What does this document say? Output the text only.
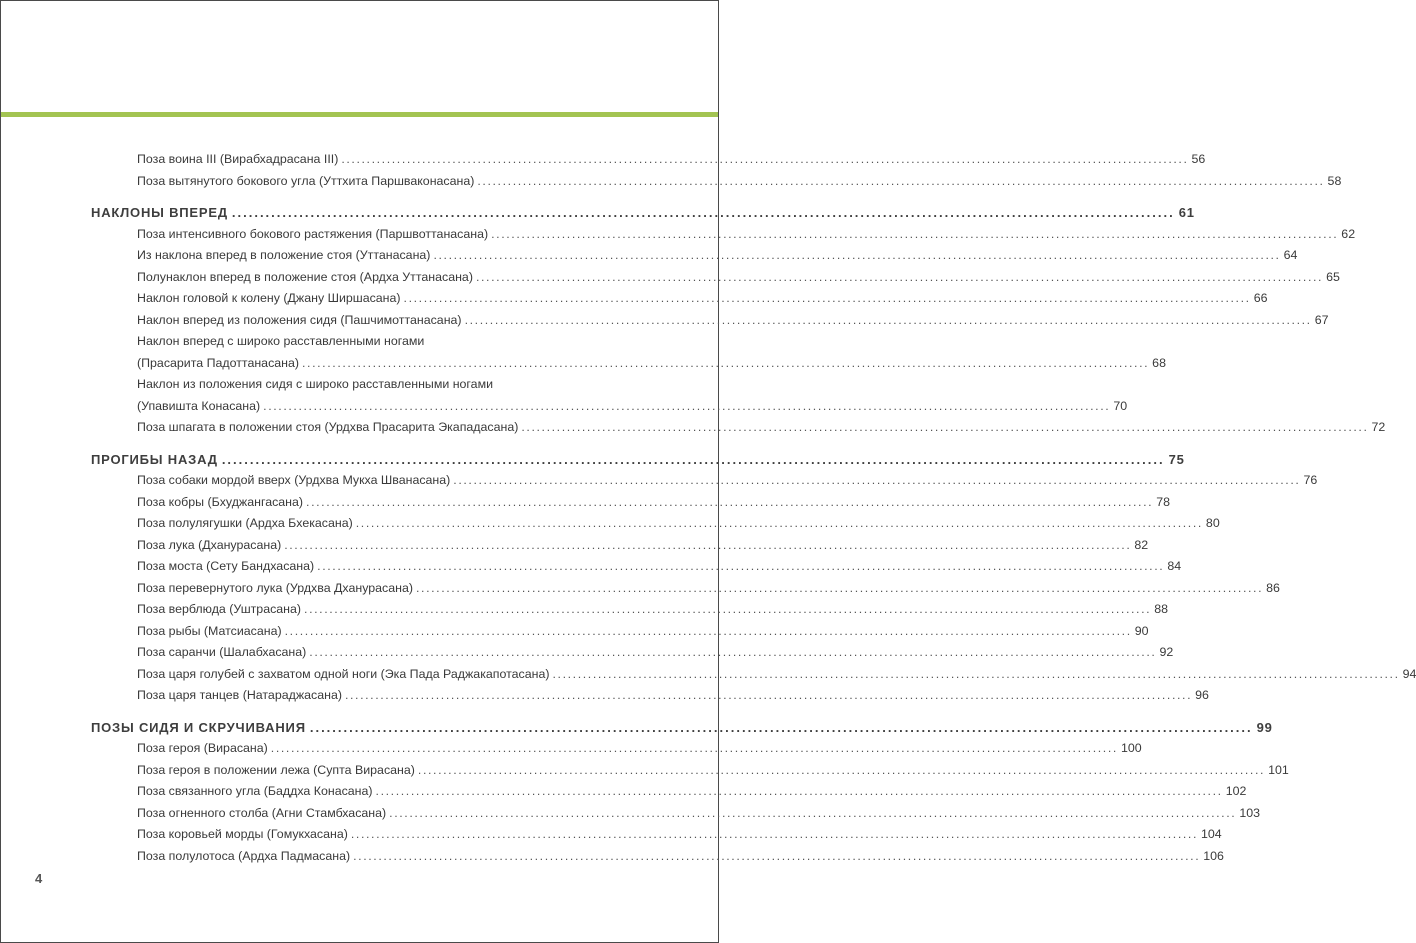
Поза воина III (Вирабхадрасана III) .....	56
Поза вытянутого бокового угла (Уттхита Паршваконасана) .....	58
НАКЛОНЫ ВПЕРЕД .....	61
Поза интенсивного бокового растяжения (Паршвоттанасана) .....	62
Из наклона вперед в положение стоя (Уттанасана) .....	64
Полунаклон вперед в положение стоя (Ардха Уттанасана) .....	65
Наклон головой к колену (Джану Ширшасана) .....	66
Наклон вперед из положения сидя (Пашчимоттанасана) .....	67
Наклон вперед с широко расставленными ногами
(Прасарита Падоттанасана) .....	68
Наклон из положения сидя с широко расставленными ногами
(Упавишта Конасана) .....	70
Поза шпагата в положении стоя (Урдхва Прасарита Экападасана) .....	72
ПРОГИБЫ НАЗАД .....	75
Поза собаки мордой вверх (Урдхва Мукха Шванасана) .....	76
Поза кобры (Бхуджангасана) .....	78
Поза полулягушки (Ардха Бхекасана) .....	80
Поза лука (Дханурасана) .....	82
Поза моста (Сету Бандхасана) .....	84
Поза перевернутого лука (Урдхва Дханурасана) .....	86
Поза верблюда (Уштрасана) .....	88
Поза рыбы (Матсиасана) .....	90
Поза саранчи (Шалабхасана) .....	92
Поза царя голубей с захватом одной ноги (Эка Пада Раджакапотасана) .....	94
Поза царя танцев (Натараджасана) .....	96
ПОЗЫ СИДЯ И СКРУЧИВАНИЯ .....	99
Поза героя (Вирасана) .....	100
Поза героя в положении лежа (Супта Вирасана) .....	101
Поза связанного угла (Баддха Конасана) .....	102
Поза огненного столба (Агни Стамбхасана) .....	103
Поза коровьей морды (Гомукхасана) .....	104
Поза полулотоса (Ардха Падмасана) .....	106
4
